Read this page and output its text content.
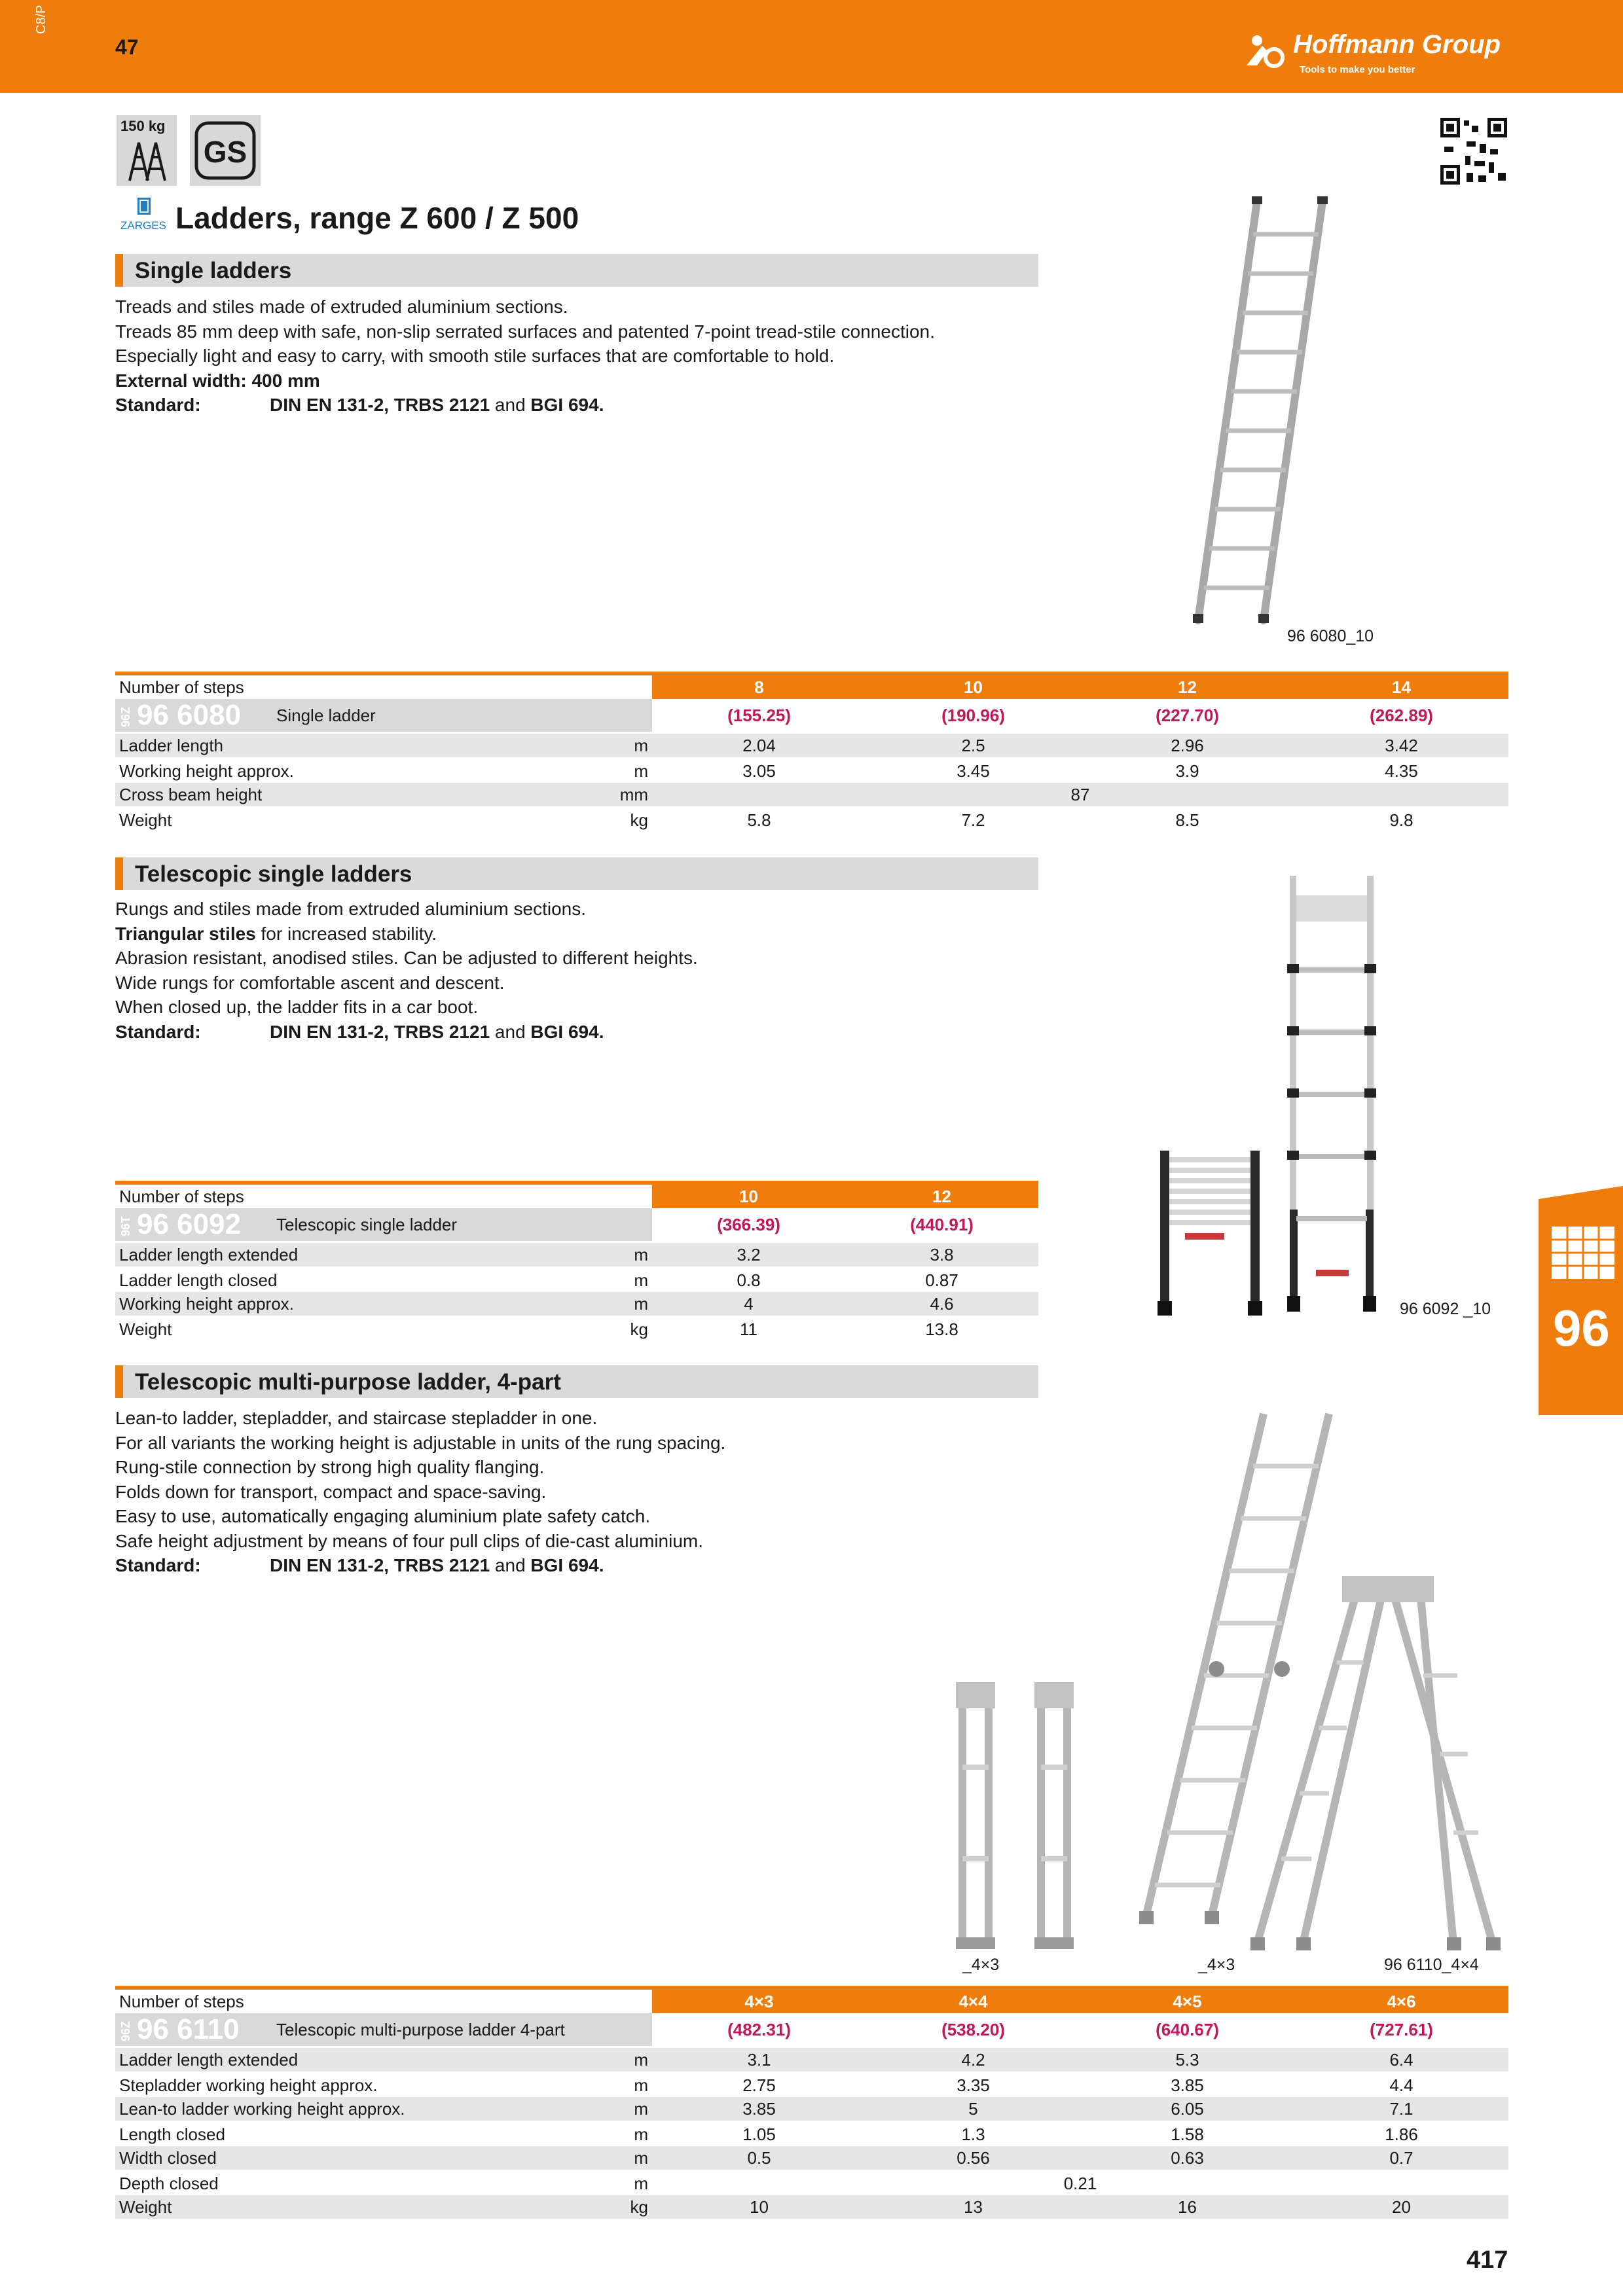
C8/P
47	Hoffmann Group
Tools to make you better
150 kg
GS
ZARGES Ladders, range Z 600 / Z 500
Single ladders
Treads and stiles made of extruded aluminium sections.
Treads 85 mm deep with safe, non-slip serrated surfaces and patented 7-point tread-stile connection.
Especially light and easy to carry, with smooth stile surfaces that are comfortable to hold.
External width: 400 mm
Standard:	DIN EN 131-2, TRBS 2121 and BGI 694.
96 6080_10
Number of steps			8	10	12	14
96Z 96 6080	Single ladder		(155.25)	(190.96)	(227.70)	(262.89)
Ladder length		m	2.04	2.5	2.96	3.42
Working height approx.		m	3.05	3.45	3.9	4.35
Cross beam height		mm	87			
Weight		kg	5.8	7.2	8.5	9.8
Telescopic single ladders
Rungs and stiles made from extruded aluminium sections.
Triangular stiles for increased stability.
Abrasion resistant, anodised stiles. Can be adjusted to different heights.
Wide rungs for comfortable ascent and descent.
When closed up, the ladder fits in a car boot.
Standard:	DIN EN 131-2, TRBS 2121 and BGI 694.
96 6092 _10
Number of steps			10	12
96T 96 6092	Telescopic single ladder		(366.39)	(440.91)
Ladder length extended		m	3.2	3.8
Ladder length closed		m	0.8	0.87
Working height approx.		m	4	4.6
Weight		kg	11	13.8	96
Telescopic multi-purpose ladder, 4-part
Lean-to ladder, stepladder, and staircase stepladder in one.
For all variants the working height is adjustable in units of the rung spacing.
Rung-stile connection by strong high quality flanging.
Folds down for transport, compact and space-saving.
Easy to use, automatically engaging aluminium plate safety catch.
Safe height adjustment by means of four pull clips of die-cast aluminium.
Standard:	DIN EN 131-2, TRBS 2121 and BGI 694.
_4×3	_4×3	96 6110_4×4
Number of steps			4×3	4×4	4×5	4×6
96Z 96 6110	Telescopic multi-purpose ladder 4-part		(482.31)	(538.20)	(640.67)	(727.61)
Ladder length extended		m	3.1	4.2	5.3	6.4
Stepladder working height approx.		m	2.75	3.35	3.85	4.4
Lean-to ladder working height approx.		m	3.85	5	6.05	7.1
Length closed		m	1.05	1.3	1.58	1.86
Width closed		m	0.5	0.56	0.63	0.7
Depth closed		m	0.21			
Weight		kg	10	13	16	20
417
